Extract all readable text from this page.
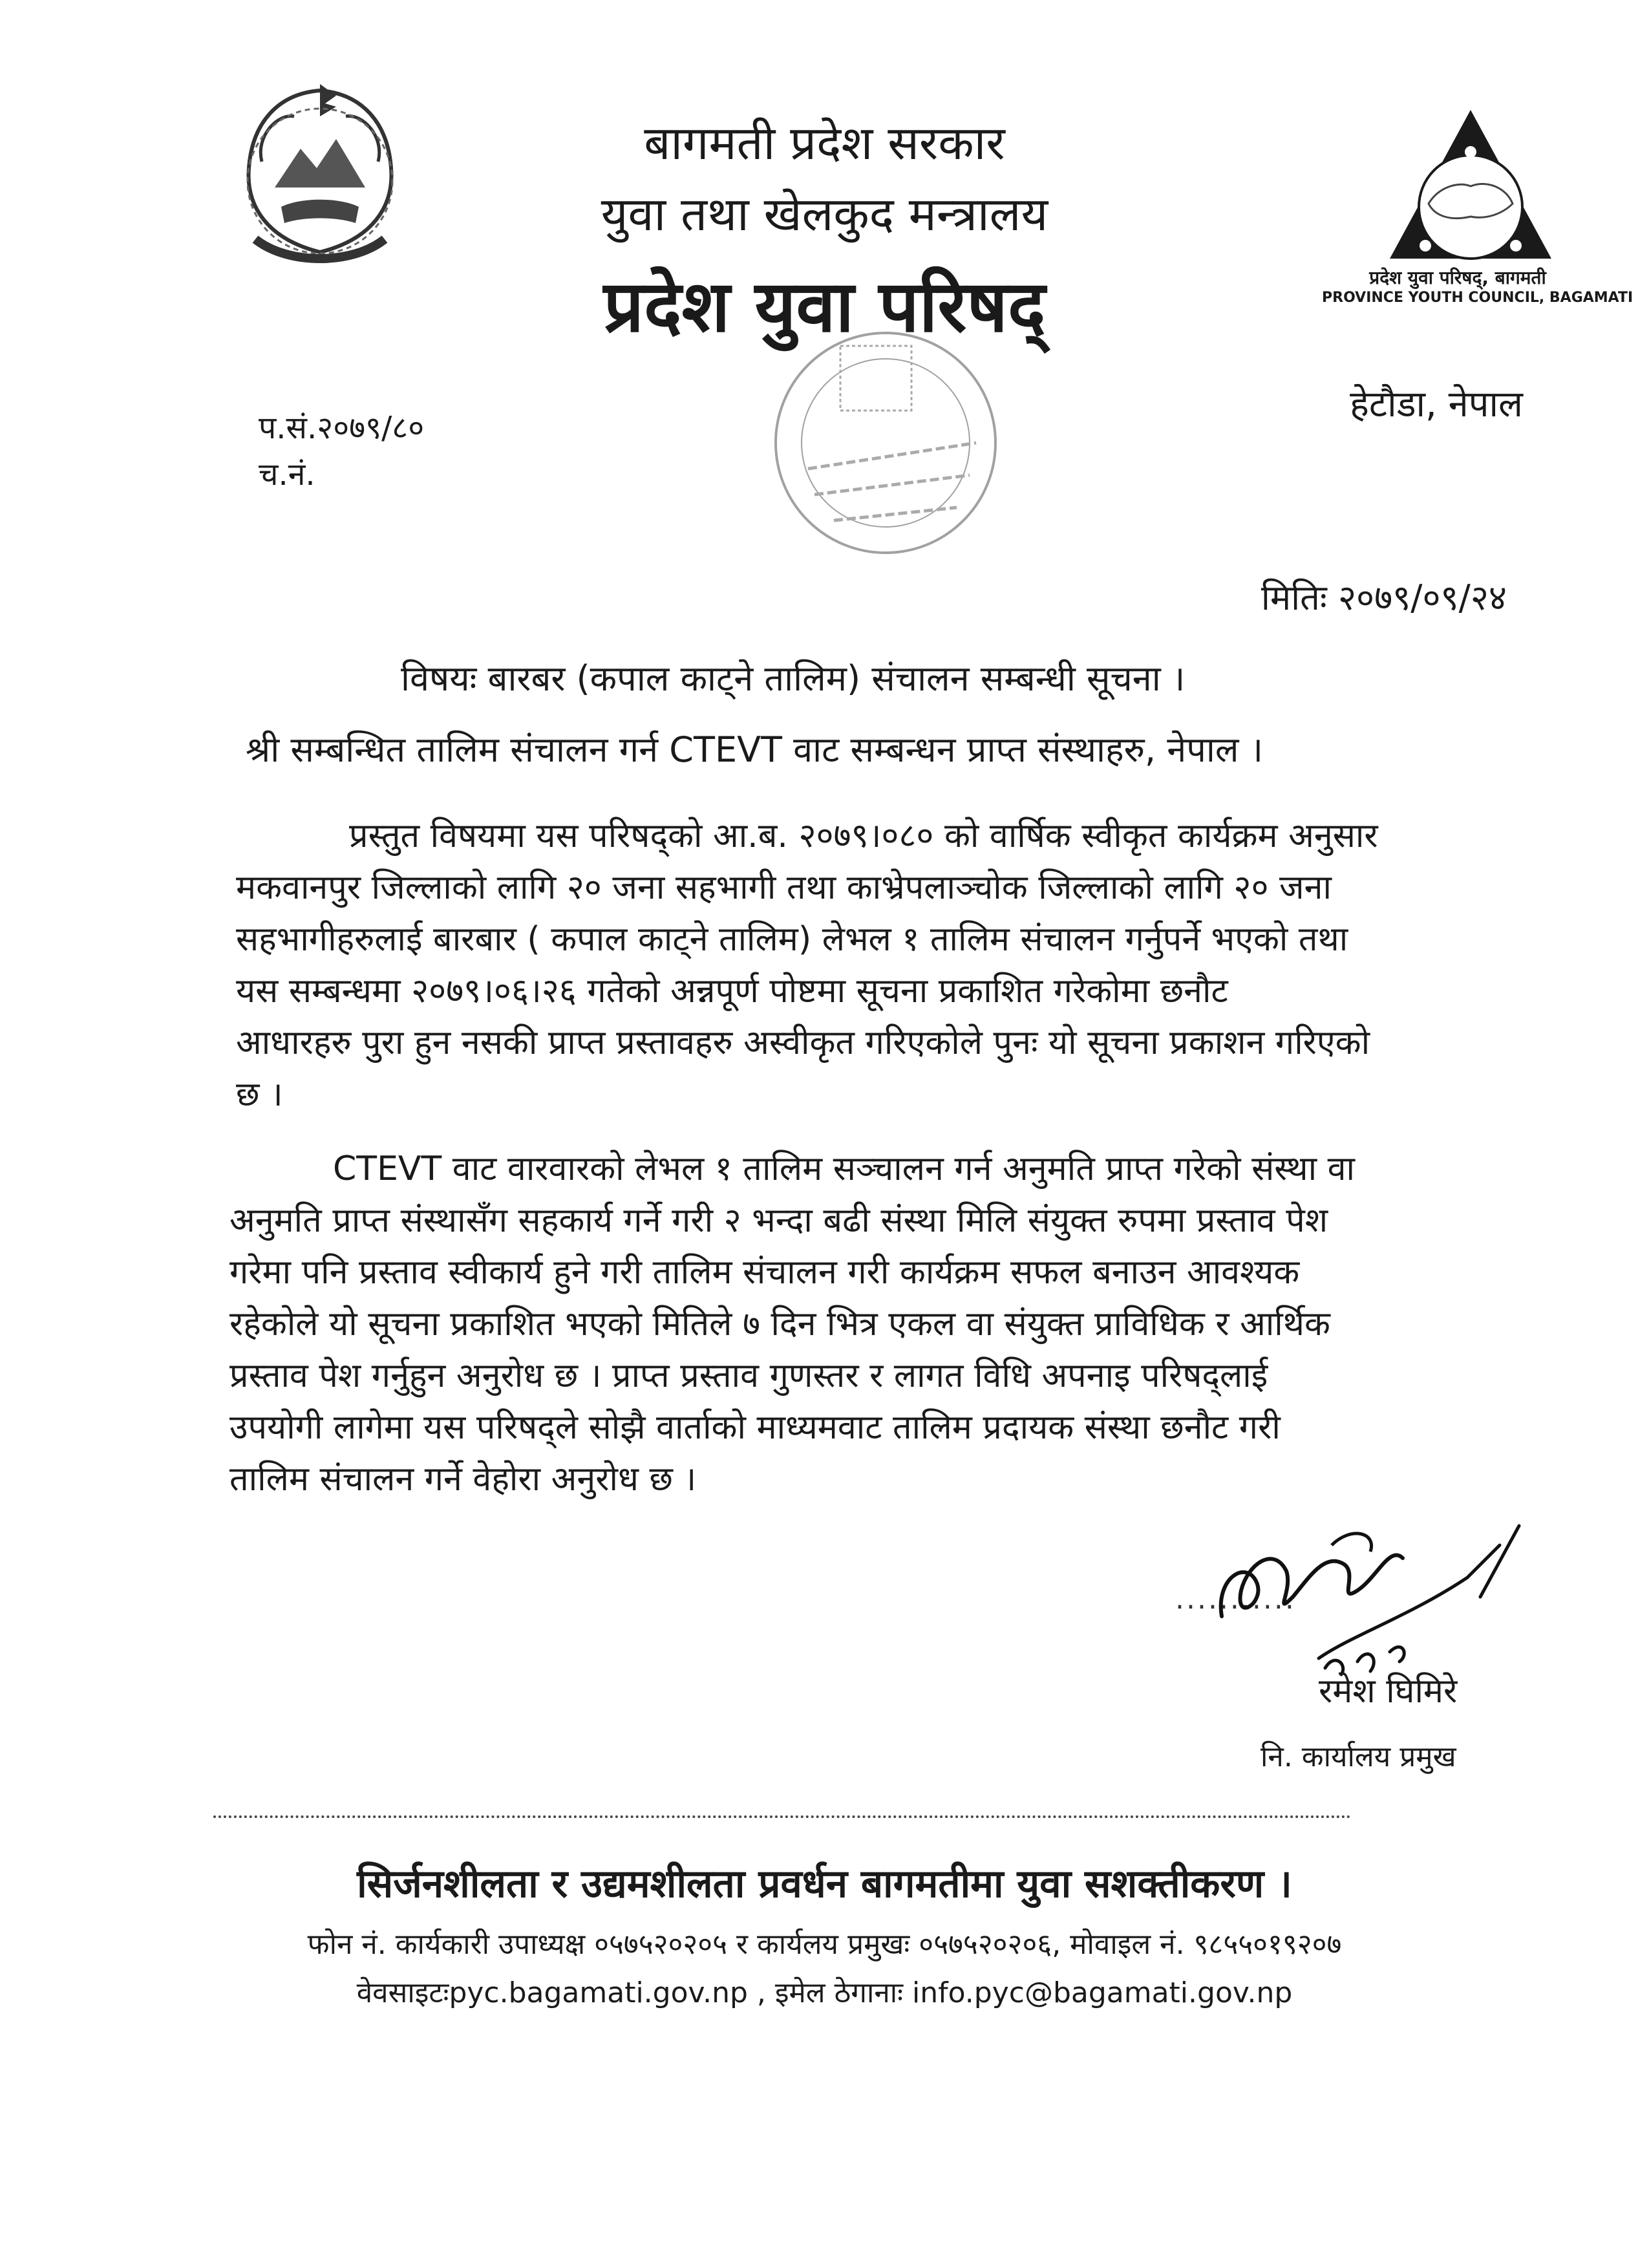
बागमती प्रदेश सरकार
युवा तथा खेलकुद मन्त्रालय
प्रदेश युवा परिषद्	प्रदेश युवा परिषद्, बागमती
PROVINCE YOUTH COUNCIL, BAGAMATI
हेटौडा, नेपाल
प.सं.२०७९/८०
च.नं.
मितिः २०७९/०९/२४
विषयः बारबर (कपाल काट्ने तालिम) संचालन सम्बन्धी सूचना ।
श्री सम्बन्धित तालिम संचालन गर्न CTEVT वाट सम्बन्धन प्राप्त संस्थाहरु, नेपाल ।
प्रस्तुत विषयमा यस परिषद्को आ.ब. २०७९।०८० को वार्षिक स्वीकृत कार्यक्रम अनुसार
मकवानपुर जिल्लाको लागि २० जना सहभागी तथा काभ्रेपलाञ्चोक जिल्लाको लागि २० जना
सहभागीहरुलाई बारबार ( कपाल काट्ने तालिम) लेभल १ तालिम संचालन गर्नुपर्ने भएको तथा
यस सम्बन्धमा २०७९।०६।२६ गतेको अन्नपूर्ण पोष्टमा सूचना प्रकाशित गरेकोमा छनौट
आधारहरु पुरा हुन नसकी प्राप्त प्रस्तावहरु अस्वीकृत गरिएकोले पुनः यो सूचना प्रकाशन गरिएको
छ ।
CTEVT वाट वारवारको लेभल १ तालिम सञ्चालन गर्न अनुमति प्राप्त गरेको संस्था वा
अनुमति प्राप्त संस्थासँग सहकार्य गर्ने गरी २ भन्दा बढी संस्था मिलि संयुक्त रुपमा प्रस्ताव पेश
गरेमा पनि प्रस्ताव स्वीकार्य हुने गरी तालिम संचालन गरी कार्यक्रम सफल बनाउन आवश्यक
रहेकोले यो सूचना प्रकाशित भएको मितिले ७ दिन भित्र एकल वा संयुक्त प्राविधिक र आर्थिक
प्रस्ताव पेश गर्नुहुन अनुरोध छ । प्राप्त प्रस्ताव गुणस्तर र लागत विधि अपनाइ परिषद्लाई
उपयोगी लागेमा यस परिषद्ले सोझै वार्ताको माध्यमवाट तालिम प्रदायक संस्था छनौट गरी
तालिम संचालन गर्ने वेहोरा अनुरोध छ ।
...........
रमेश घिमिरे
नि. कार्यालय प्रमुख
सिर्जनशीलता र उद्यमशीलता प्रवर्धन बागमतीमा युवा सशक्तीकरण ।
फोन नं. कार्यकारी उपाध्यक्ष ०५७५२०२०५ र कार्यलय प्रमुखः ०५७५२०२०६, मोवाइल नं. ९८५५०१९२०७
वेवसाइटःpyc.bagamati.gov.np , इमेल ठेगानाः info.pyc@bagamati.gov.np
